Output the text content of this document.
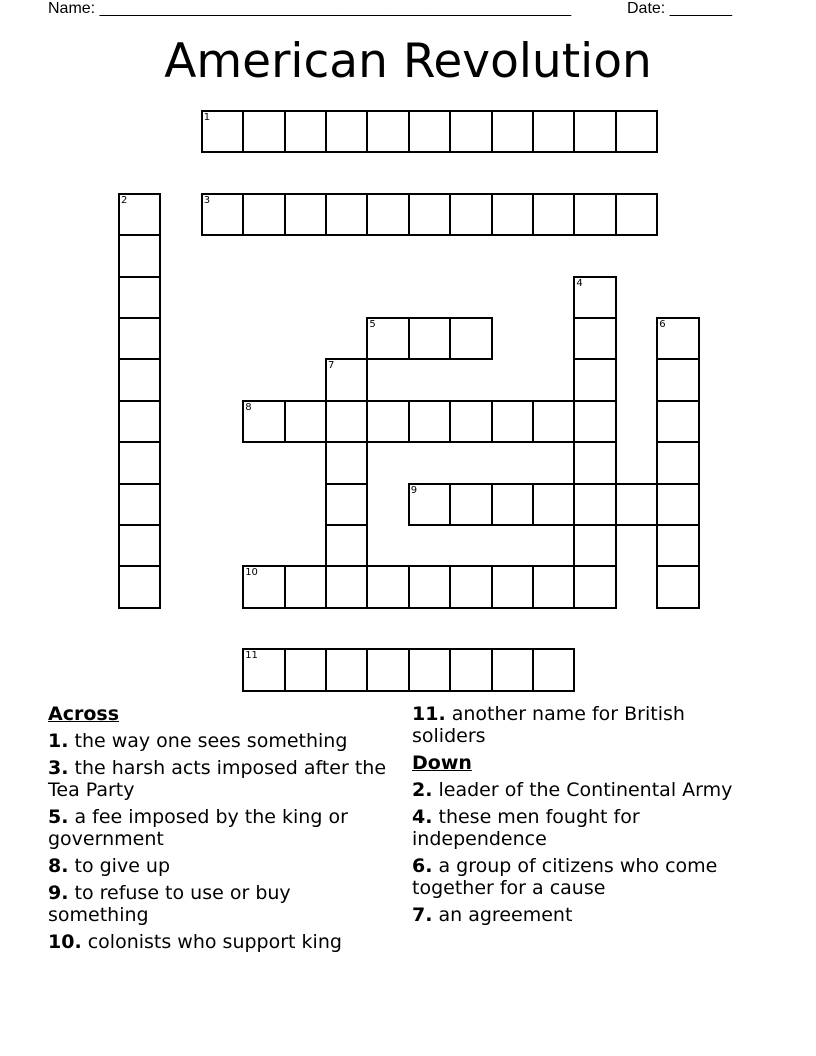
Name: _____________________________________________________	Date: _______
American Revolution
1
3
2
4
5	6
7
8
9
10
11
Across
1. the way one sees something
3. the harsh acts imposed after the Tea Party
5. a fee imposed by the king or government
8. to give up
9. to refuse to use or buy something
10. colonists who support king
11. another name for British soliders
Down
2. leader of the Continental Army
4. these men fought for independence
6. a group of citizens who come together for a cause
7. an agreement
